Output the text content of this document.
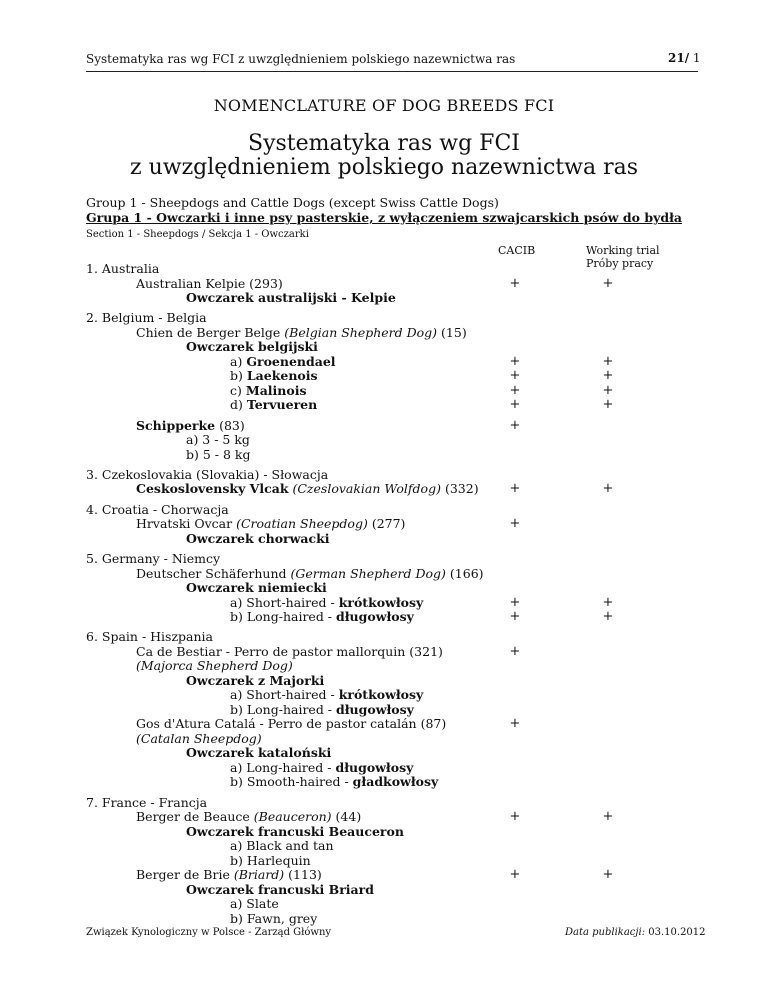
Systematyka ras wg FCI z uwzględnieniem polskiego nazewnictwa ras	21/ 1
NOMENCLATURE OF DOG BREEDS FCI
Systematyka ras wg FCI
z uwzględnieniem polskiego nazewnictwa ras
Group 1 - Sheepdogs and Cattle Dogs (except Swiss Cattle Dogs)
Grupa 1 - Owczarki i inne psy pasterskie, z wyłączeniem szwajcarskich psów do bydła
Section 1 - Sheepdogs / Sekcja 1 - Owczarki
CACIB	Working trial
Próby pracy
1. Australia
Australian Kelpie (293)	+	+
Owczarek australijski - Kelpie
2. Belgium - Belgia
Chien de Berger Belge (Belgian Shepherd Dog) (15)
Owczarek belgijski
a) Groenendael	+	+
b) Laekenois	+	+
c) Malinois	+	+
d) Tervueren	+	+
Schipperke (83)	+
a) 3 - 5 kg
b) 5 - 8 kg
3. Czekoslovakia (Slovakia) - Słowacja
Ceskoslovensky Vlcak (Czeslovakian Wolfdog) (332)	+	+
4. Croatia - Chorwacja
Hrvatski Ovcar (Croatian Sheepdog) (277)	+
Owczarek chorwacki
5. Germany - Niemcy
Deutscher Schäferhund (German Shepherd Dog) (166)
Owczarek niemiecki
a) Short-haired - krótkowłosy	+	+
b) Long-haired - długowłosy	+	+
6. Spain - Hiszpania
Ca de Bestiar - Perro de pastor mallorquin (321)	+
(Majorca Shepherd Dog)
Owczarek z Majorki
a) Short-haired - krótkowłosy
b) Long-haired - długowłosy
Gos d'Atura Catalá - Perro de pastor catalán (87)	+
(Catalan Sheepdog)
Owczarek kataloński
a) Long-haired - długowłosy
b) Smooth-haired - gładkowłosy
7. France - Francja
Berger de Beauce (Beauceron) (44)	+	+
Owczarek francuski Beauceron
a) Black and tan
b) Harlequin
Berger de Brie (Briard) (113)	+	+
Owczarek francuski Briard
a) Slate
b) Fawn, grey
Związek Kynologiczny w Polsce - Zarząd Główny	Data publikacji: 03.10.2012
